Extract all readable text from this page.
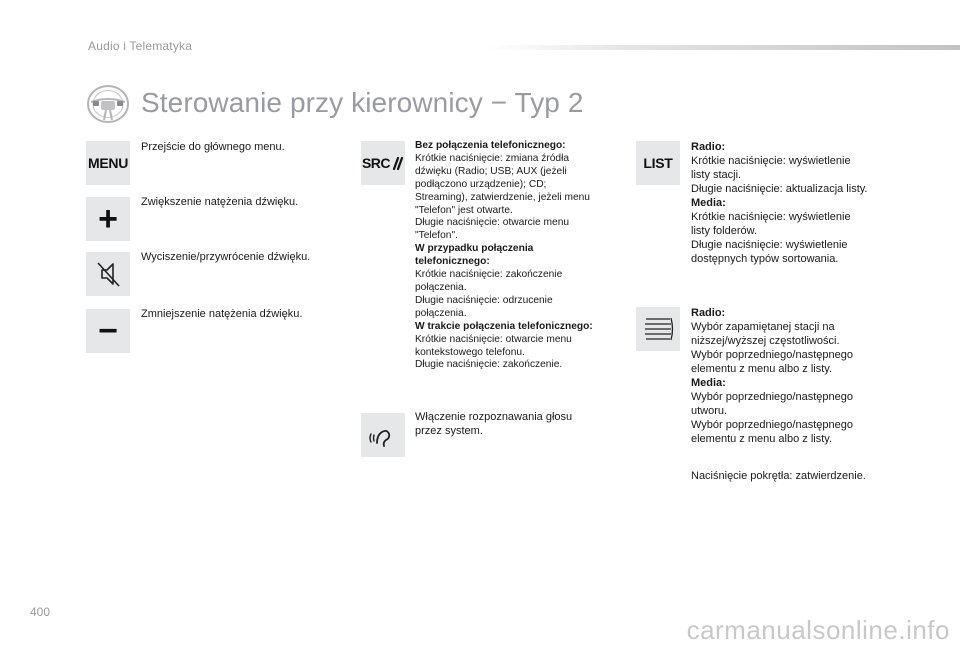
Audio i Telematyka
Sterowanie przy kierownicy − Typ 2
MENU
Przejście do głównego menu.
+ Zwiększenie natężenia dźwięku.
Wyciszenie/przywrócenie dźwięku.
− Zmniejszenie natężenia dźwięku.
SRC
Bez połączenia telefonicznego:
Krótkie naciśnięcie: zmiana źródła
dźwięku (Radio; USB; AUX (jeżeli
podłączono urządzenie); CD;
Streaming), zatwierdzenie, jeżeli menu
"Telefon" jest otwarte.
Długie naciśnięcie: otwarcie menu
"Telefon".
W przypadku połączenia
telefonicznego:
Krótkie naciśnięcie: zakończenie
połączenia.
Długie naciśnięcie: odrzucenie
połączenia.
W trakcie połączenia telefonicznego:
Krótkie naciśnięcie: otwarcie menu
kontekstowego telefonu.
Długie naciśnięcie: zakończenie.
Włączenie rozpoznawania głosu
przez system.
LIST
Radio:
Krótkie naciśnięcie: wyświetlenie
listy stacji.
Długie naciśnięcie: aktualizacja listy.
Media:
Krótkie naciśnięcie: wyświetlenie
listy folderów.
Długie naciśnięcie: wyświetlenie
dostępnych typów sortowania.
Radio:
Wybór zapamiętanej stacji na
niższej/wyższej częstotliwości.
Wybór poprzedniego/następnego
elementu z menu albo z listy.
Media:
Wybór poprzedniego/następnego
utworu.
Wybór poprzedniego/następnego
elementu z menu albo z listy.
Naciśnięcie pokrętła: zatwierdzenie.
400
carmanualsonline.info
